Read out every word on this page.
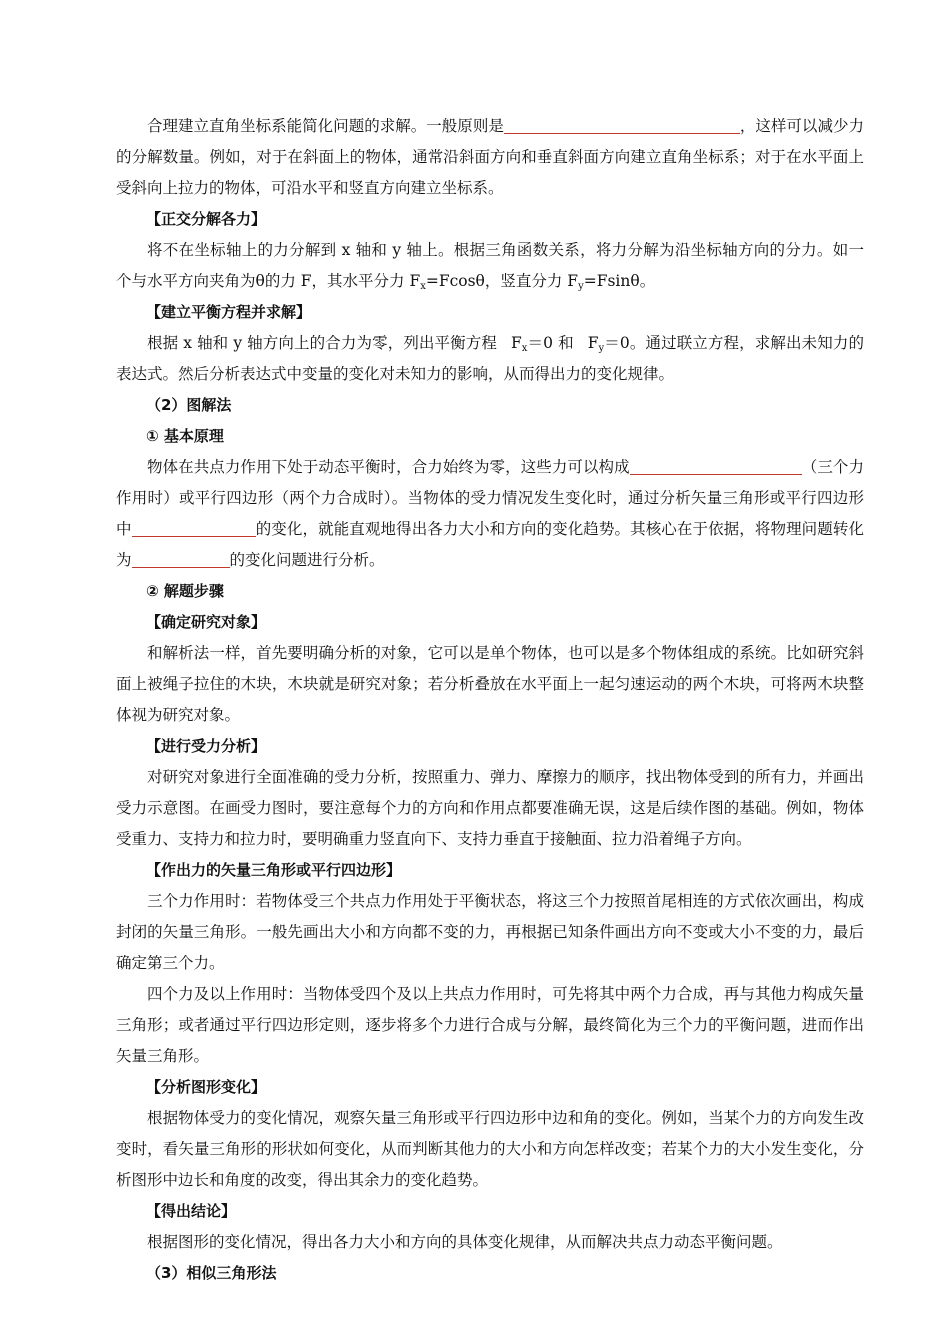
合理建立直角坐标系能简化问题的求解。一般原则是	，这样可以减少力的分解数量。例如，对于在斜面上的物体，通常沿斜面方向和垂直斜面方向建立直角坐标系；对于在水平面上受斜向上拉力的物体，可沿水平和竖直方向建立坐标系。

【正交分解各力】

将不在坐标轴上的力分解到 x 轴和 y 轴上。根据三角函数关系，将力分解为沿坐标轴方向的分力。如一个与水平方向夹角为θ的力 F，其水平分力 $F_x=Fcos\theta$，竖直分力 $F_y=Fsin\theta$。

【建立平衡方程并求解】

根据 x 轴和 y 轴方向上的合力为零，列出平衡方程 $F_x=0$ 和 $F_y=0$。通过联立方程，求解出未知力的表达式。然后分析表达式中变量的变化对未知力的影响，从而得出力的变化规律。

（2）图解法

① 基本原理

物体在共点力作用下处于动态平衡时，合力始终为零，这些力可以构成	（三个力作用时）或平行四边形（两个力合成时）。当物体的受力情况发生变化时，通过分析矢量三角形或平行四边形中	的变化，就能直观地得出各力大小和方向的变化趋势。其核心在于依据，将物理问题转化为	的变化问题进行分析。

② 解题步骤

【确定研究对象】

和解析法一样，首先要明确分析的对象，它可以是单个物体，也可以是多个物体组成的系统。比如研究斜面上被绳子拉住的木块，木块就是研究对象；若分析叠放在水平面上一起匀速运动的两个木块，可将两木块整体视为研究对象。

【进行受力分析】

对研究对象进行全面准确的受力分析，按照重力、弹力、摩擦力的顺序，找出物体受到的所有力，并画出受力示意图。在画受力图时，要注意每个力的方向和作用点都要准确无误，这是后续作图的基础。例如，物体受重力、支持力和拉力时，要明确重力竖直向下、支持力垂直于接触面、拉力沿着绳子方向。

【作出力的矢量三角形或平行四边形】

三个力作用时：若物体受三个共点力作用处于平衡状态，将这三个力按照首尾相连的方式依次画出，构成封闭的矢量三角形。一般先画出大小和方向都不变的力，再根据已知条件画出方向不变或大小不变的力，最后确定第三个力。

四个力及以上作用时：当物体受四个及以上共点力作用时，可先将其中两个力合成，再与其他力构成矢量三角形；或者通过平行四边形定则，逐步将多个力进行合成与分解，最终简化为三个力的平衡问题，进而作出矢量三角形。

【分析图形变化】

根据物体受力的变化情况，观察矢量三角形或平行四边形中边和角的变化。例如，当某个力的方向发生改变时，看矢量三角形的形状如何变化，从而判断其他力的大小和方向怎样改变；若某个力的大小发生变化，分析图形中边长和角度的改变，得出其余力的变化趋势。

【得出结论】

根据图形的变化情况，得出各力大小和方向的具体变化规律，从而解决共点力动态平衡问题。

（3）相似三角形法
